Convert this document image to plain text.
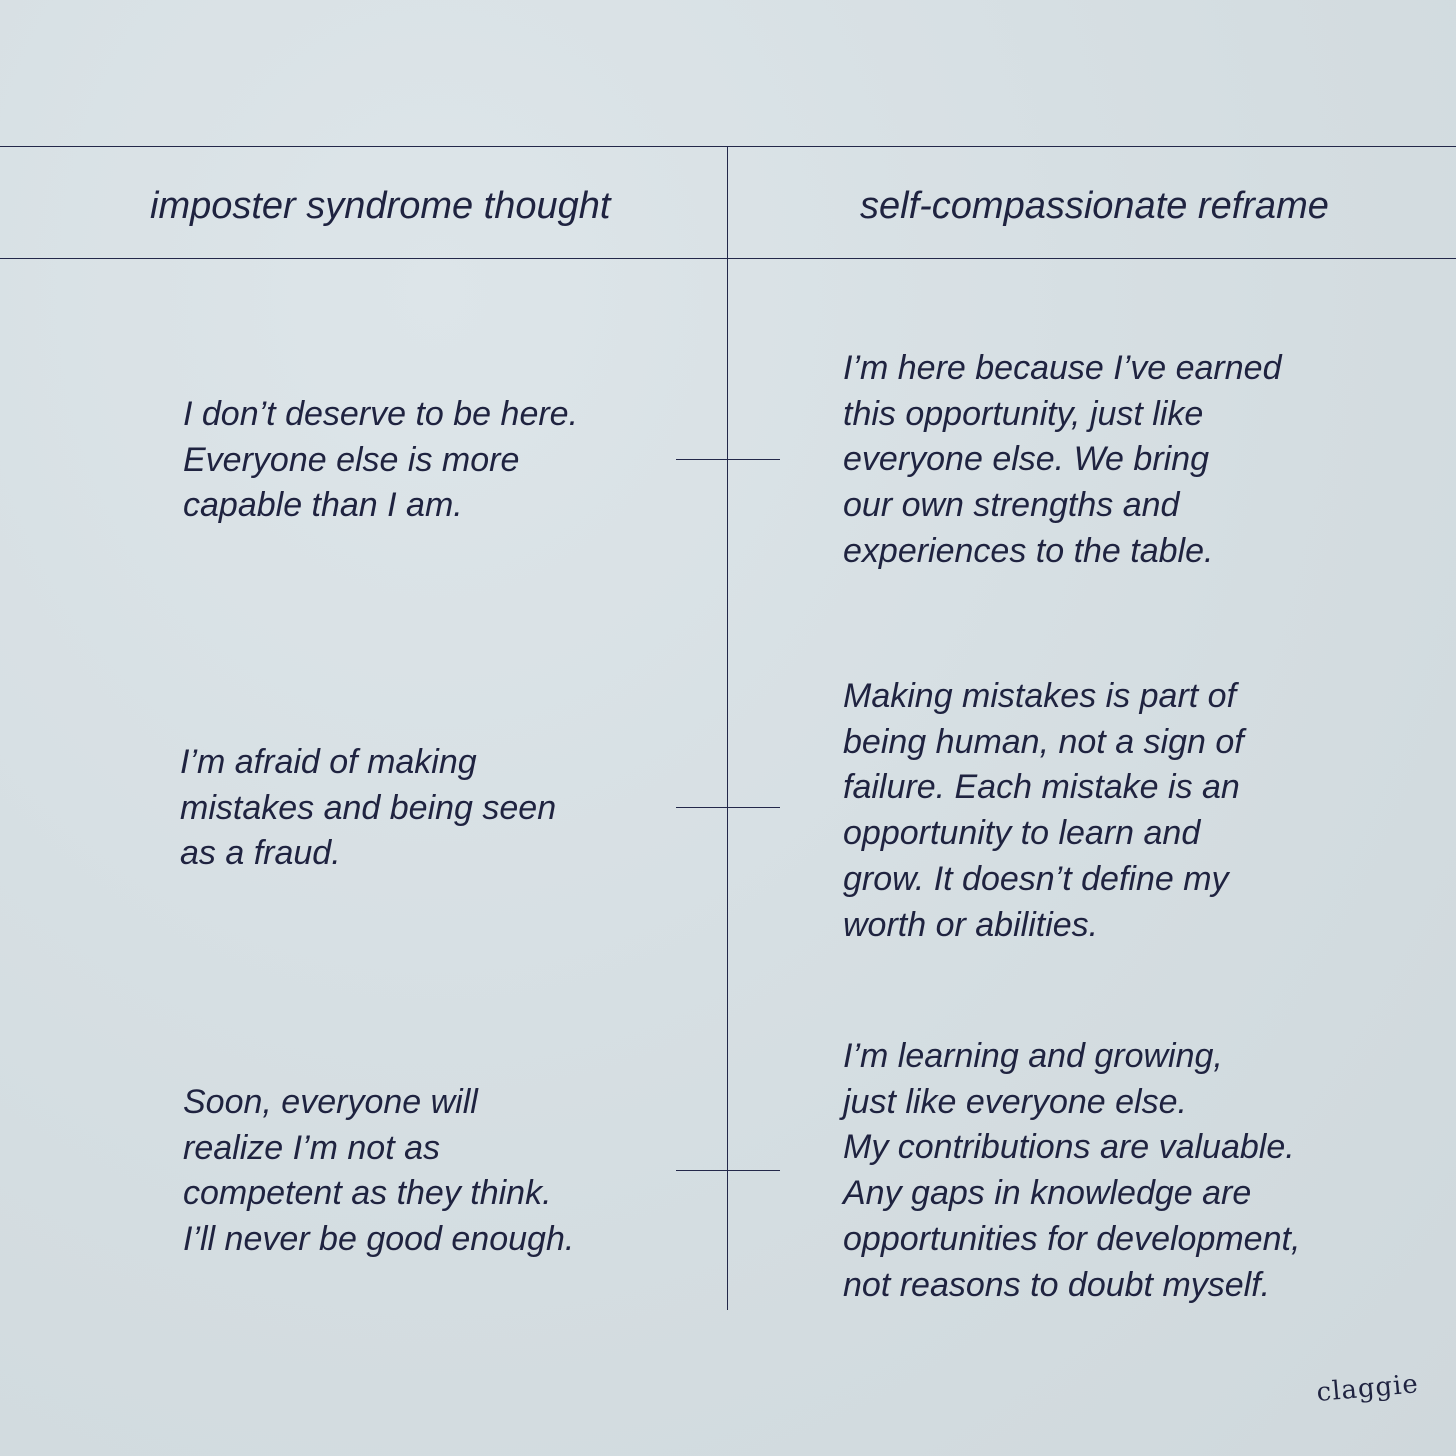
imposter syndrome thought	self-compassionate reframe
I don’t deserve to be here.
Everyone else is more
capable than I am.
I’m here because I’ve earned
this opportunity, just like
everyone else. We bring
our own strengths and
experiences to the table.
I’m afraid of making
mistakes and being seen
as a fraud.
Making mistakes is part of
being human, not a sign of
failure. Each mistake is an
opportunity to learn and
grow. It doesn’t define my
worth or abilities.
Soon, everyone will
realize I’m not as
competent as they think.
I’ll never be good enough.
I’m learning and growing,
just like everyone else.
My contributions are valuable.
Any gaps in knowledge are
opportunities for development,
not reasons to doubt myself.
claggie
